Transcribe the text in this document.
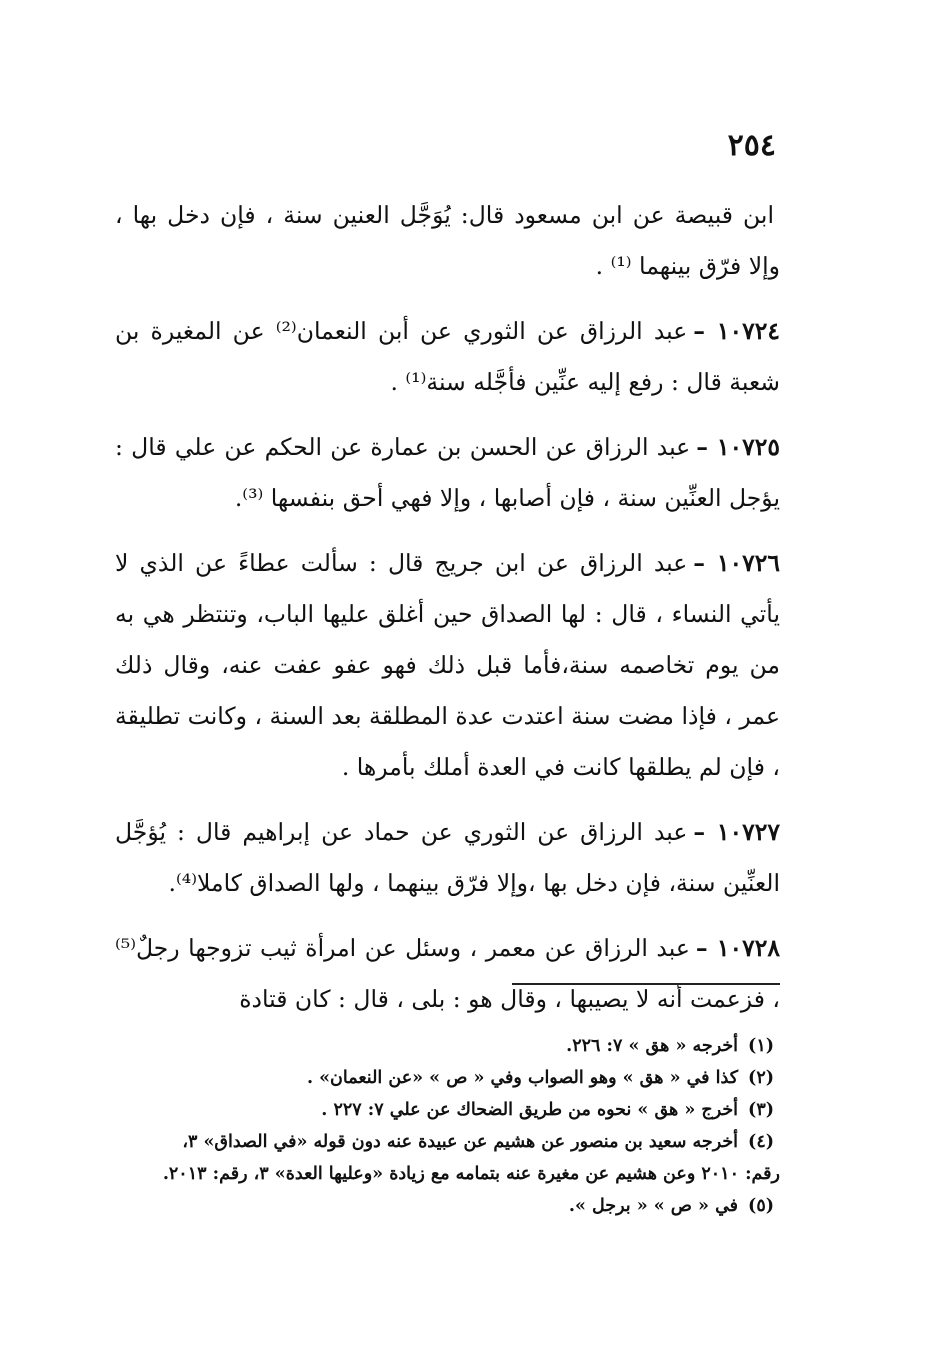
٢٥٤

ابن قبيصة عن ابن مسعود قال: يُوَجَّل العنين سنة ، فإن دخل بها ، وإلا فرّق بينهما ⁽¹⁾ .

١٠٧٢٤ –عبد الرزاق عن الثوري عن أبن النعمان⁽²⁾ عن المغيرة بن شعبة قال : رفع إليه عنِّين فأجَّله سنة⁽¹⁾ .

١٠٧٢٥ –عبد الرزاق عن الحسن بن عمارة عن الحكم عن علي قال : يؤجل العنِّين سنة ، فإن أصابها ، وإلا فهي أحق بنفسها ⁽³⁾.

١٠٧٢٦ –عبد الرزاق عن ابن جريج قال : سألت عطاءً عن الذي لا يأتي النساء ، قال : لها الصداق حين أغلق عليها الباب، وتنتظر هي به من يوم تخاصمه سنة،فأما قبل ذلك فهو عفو عفت عنه، وقال ذلك عمر ، فإذا مضت سنة اعتدت عدة المطلقة بعد السنة ، وكانت تطليقة ، فإن لم يطلقها كانت في العدة أملك بأمرها .

١٠٧٢٧ –عبد الرزاق عن الثوري عن حماد عن إبراهيم قال : يُؤجَّل العنِّين سنة، فإن دخل بها ،وإلا فرّق بينهما ، ولها الصداق كاملا⁽⁴⁾.

١٠٧٢٨ –عبد الرزاق عن معمر ، وسئل عن امرأة ثيب تزوجها رجلٌ⁽⁵⁾ ، فزعمت أنه لا يصيبها ، وقال هو : بلى ، قال : كان قتادة

(١)أخرجه « هق » ٧: ٢٢٦.

(٢)كذا في « هق » وهو الصواب وفي « ص » «عن النعمان» .

(٣)أخرج « هق » نحوه من طريق الضحاك عن علي ٧: ٢٢٧ .

(٤)أخرجه سعيد بن منصور عن هشيم عن عبيدة عنه دون قوله «في الصداق» ٣،

رقم: ٢٠١٠ وعن هشيم عن مغيرة عنه بتمامه مع زيادة «وعليها العدة» ٣، رقم: ٢٠١٣.

(٥)في « ص » « برجل ».
